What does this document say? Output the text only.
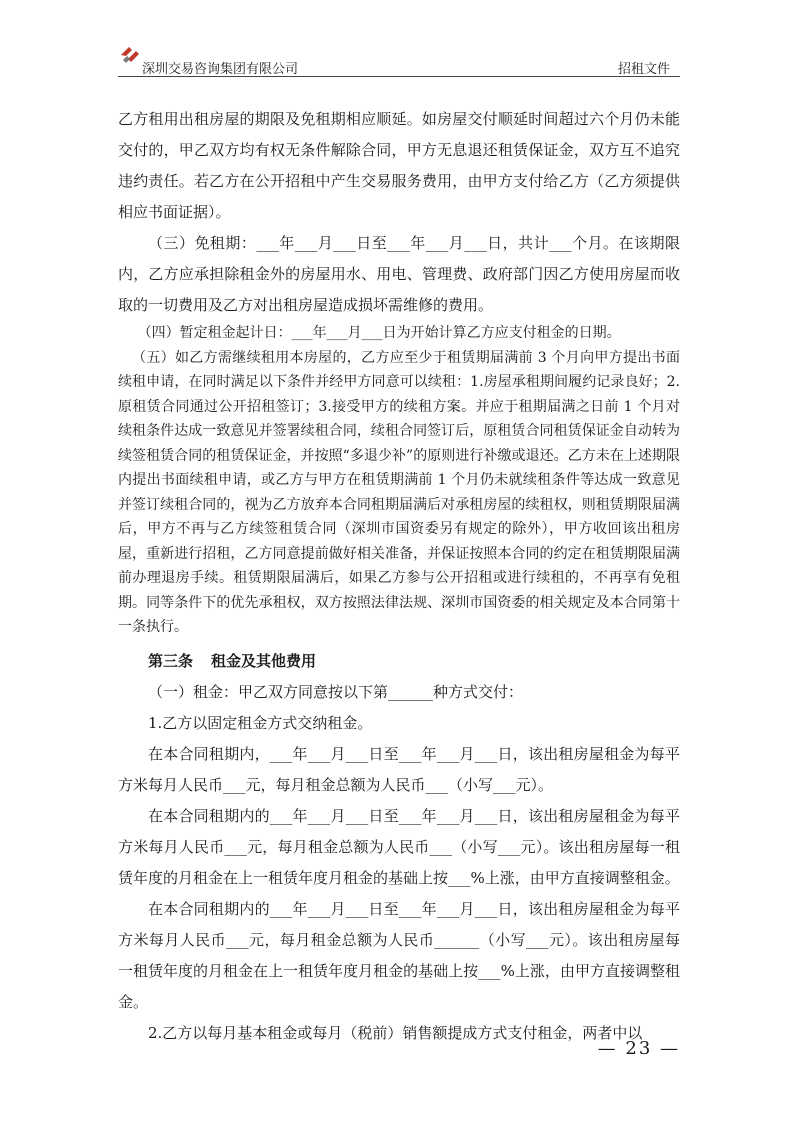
深圳交易咨询集团有限公司	招租文件

乙方租用出租房屋的期限及免租期相应顺延。如房屋交付顺延时间超过六个月仍未能交付的，甲乙双方均有权无条件解除合同，甲方无息退还租赁保证金，双方互不追究违约责任。若乙方在公开招租中产生交易服务费用，由甲方支付给乙方（乙方须提供相应书面证据）。

（三）免租期：___年___月___日至___年___月___日，共计___个月。在该期限内，乙方应承担除租金外的房屋用水、用电、管理费、政府部门因乙方使用房屋而收取的一切费用及乙方对出租房屋造成损坏需维修的费用。

（四）暂定租金起计日：___年___月___日为开始计算乙方应支付租金的日期。

（五）如乙方需继续租用本房屋的，乙方应至少于租赁期届满前 3 个月向甲方提出书面续租申请，在同时满足以下条件并经甲方同意可以续租：1.房屋承租期间履约记录良好；2.原租赁合同通过公开招租签订；3.接受甲方的续租方案。并应于租期届满之日前 1 个月对续租条件达成一致意见并签署续租合同，续租合同签订后，原租赁合同租赁保证金自动转为续签租赁合同的租赁保证金，并按照“多退少补”的原则进行补缴或退还。乙方未在上述期限内提出书面续租申请，或乙方与甲方在租赁期满前 1 个月仍未就续租条件等达成一致意见并签订续租合同的，视为乙方放弃本合同租期届满后对承租房屋的续租权，则租赁期限届满后，甲方不再与乙方续签租赁合同（深圳市国资委另有规定的除外），甲方收回该出租房屋，重新进行招租，乙方同意提前做好相关准备，并保证按照本合同的约定在租赁期限届满前办理退房手续。租赁期限届满后，如果乙方参与公开招租或进行续租的，不再享有免租期。同等条件下的优先承租权，双方按照法律法规、深圳市国资委的相关规定及本合同第十一条执行。

第三条 租金及其他费用

（一）租金：甲乙双方同意按以下第______种方式交付：

1.乙方以固定租金方式交纳租金。

在本合同租期内，___年___月___日至___年___月___日，该出租房屋租金为每平方米每月人民币___元，每月租金总额为人民币___（小写___元）。

在本合同租期内的___年___月___日至___年___月___日，该出租房屋租金为每平方米每月人民币___元，每月租金总额为人民币___（小写___元）。该出租房屋每一租赁年度的月租金在上一租赁年度月租金的基础上按___%上涨，由甲方直接调整租金。

在本合同租期内的___年___月___日至___年___月___日，该出租房屋租金为每平方米每月人民币___元，每月租金总额为人民币______（小写___元）。该出租房屋每一租赁年度的月租金在上一租赁年度月租金的基础上按___%上涨，由甲方直接调整租金。

2.乙方以每月基本租金或每月（税前）销售额提成方式支付租金，两者中以

— 23 —
